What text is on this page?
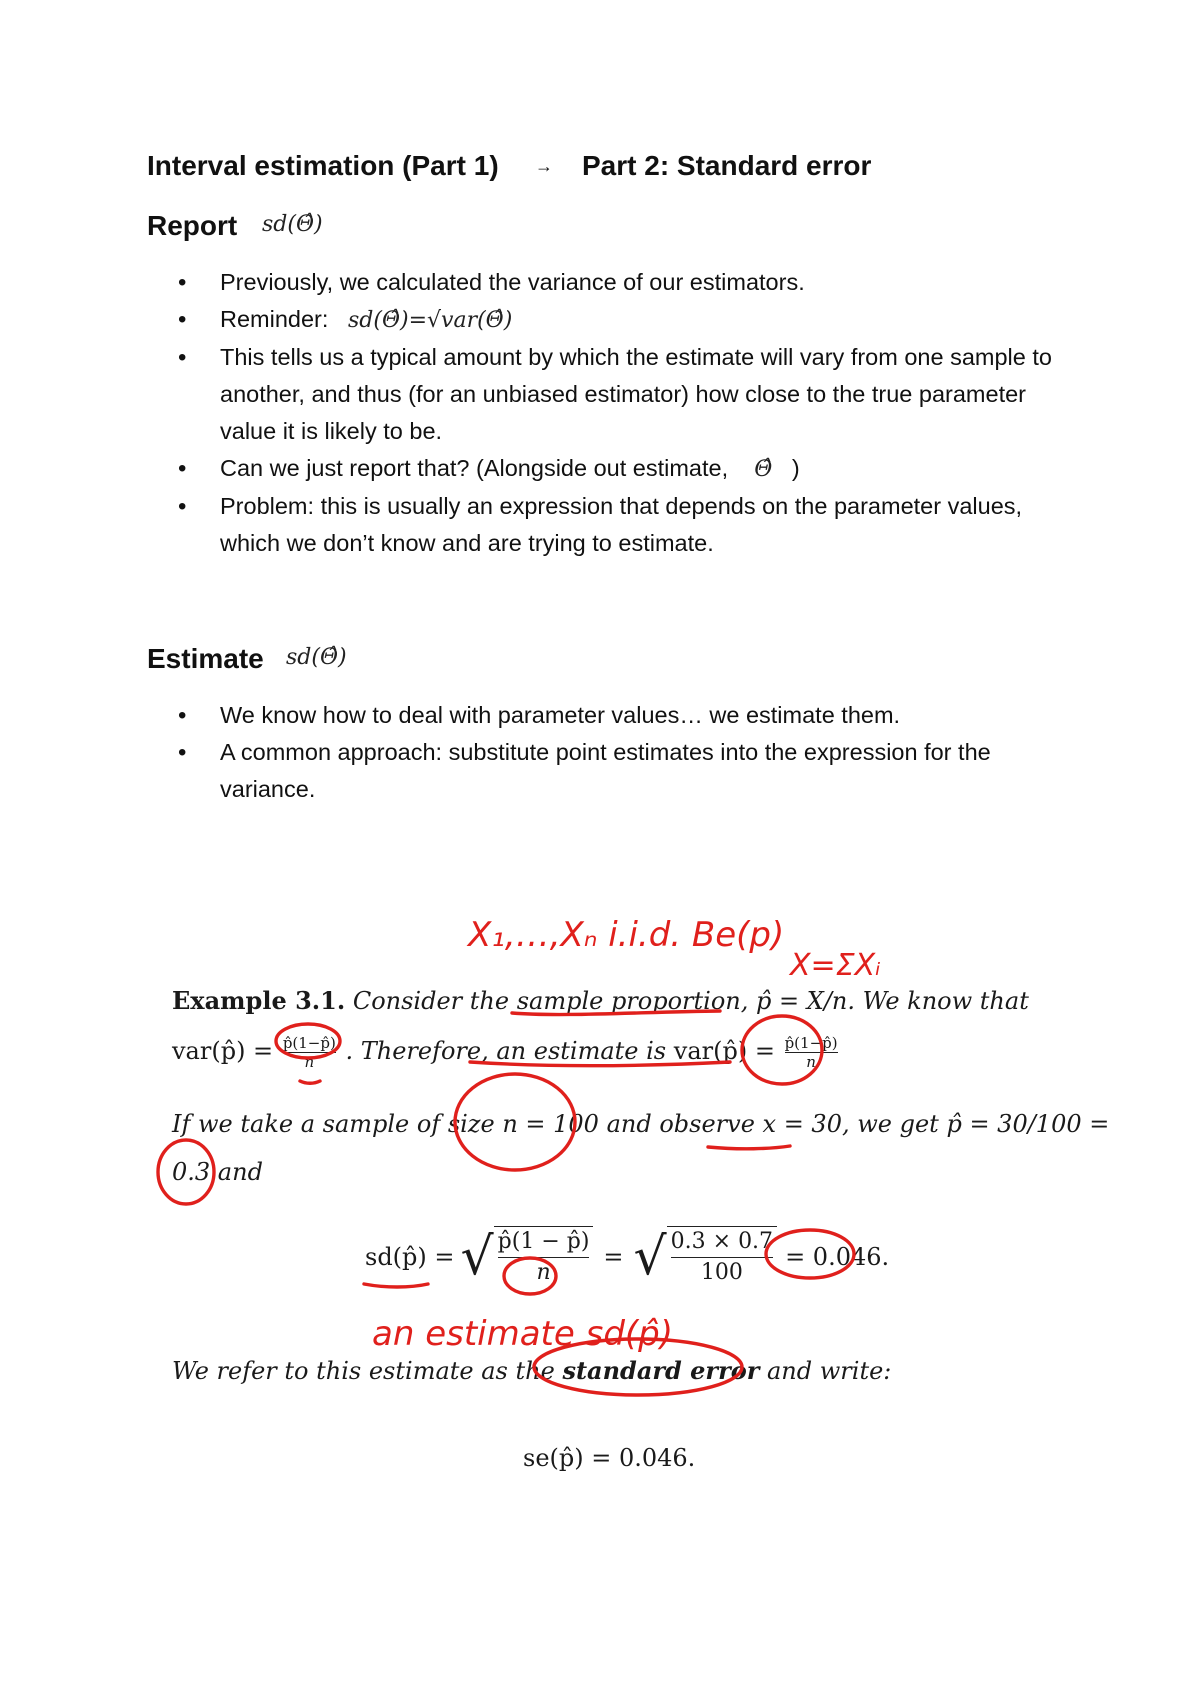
Interval estimation (Part 1) → Part 2: Standard error
Report sd(Θ̂)
• Previously, we calculated the variance of our estimators.
• Reminder: sd(Θ̂)=√var(Θ̂)
• This tells us a typical amount by which the estimate will vary from one sample to another, and thus (for an unbiased estimator) how close to the true parameter value it is likely to be.
• Can we just report that? (Alongside out estimate, Θ̂ )
• Problem: this is usually an expression that depends on the parameter values, which we don’t know and are trying to estimate.
Estimate sd(Θ̂)
• We know how to deal with parameter values… we estimate them.
• A common approach: substitute point estimates into the expression for the variance.
Example 3.1. Consider the sample proportion, p̂ = X/n. We know that
var(p̂) = $\frac{p̂(1-p̂)}{n}$ . Therefore, an estimate is var(p̂) = $\frac{p̂(1-p̂)}{n}$
If we take a sample of size n = 100 and observe x = 30, we get p̂ = 30/100 =
0.3 and
sd(p̂) = √ $\frac{p̂(1 - p̂)}{n}$ = √ $\frac{0.3 \times 0.7}{100} = 0.046$.
We refer to this estimate as the standard error and write:
se(p̂) = 0.046.
X₁,…,Xₙ i.i.d. Be(p)
X=ΣXᵢ
an estimate sd(p̂)
